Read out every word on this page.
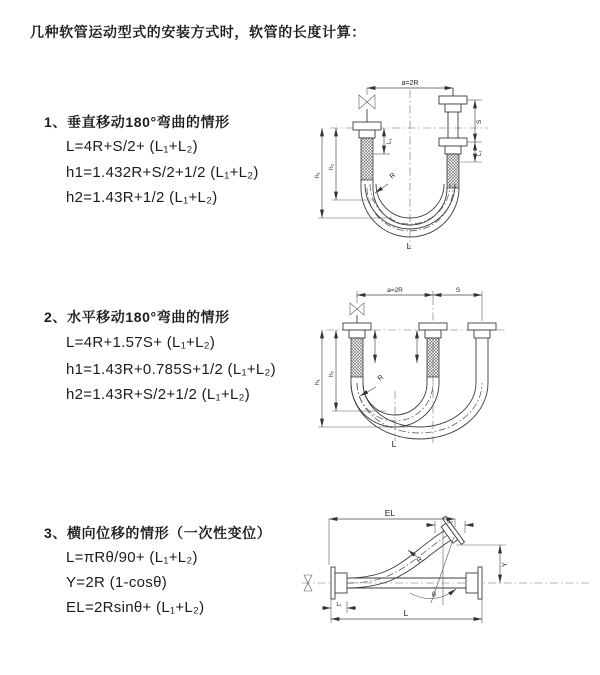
几种软管运动型式的安装方式时，软管的长度计算：
1、垂直移动180°弯曲的情形
L=4R+S/2+ (L₁+L₂)
h1=1.432R+S/2+1/2 (L₁+L₂)
h2=1.43R+1/2 (L₁+L₂)
2、水平移动180°弯曲的情形
L=4R+1.57S+ (L₁+L₂)
h1=1.43R+0.785S+1/2 (L₁+L₂)
h2=1.43R+S/2+1/2 (L₁+L₂)
3、横向位移的情形（一次性变位）
L=πRθ/90+ (L₁+L₂)
Y=2R (1-cosθ)
EL=2Rsinθ+ (L₁+L₂)
a=2R
h₁
h₂
L₁
S
L₂
R
L
a=2R	S
h₁
h₂	R
L
θ
R
EL
L₂
Y
L
L₁
